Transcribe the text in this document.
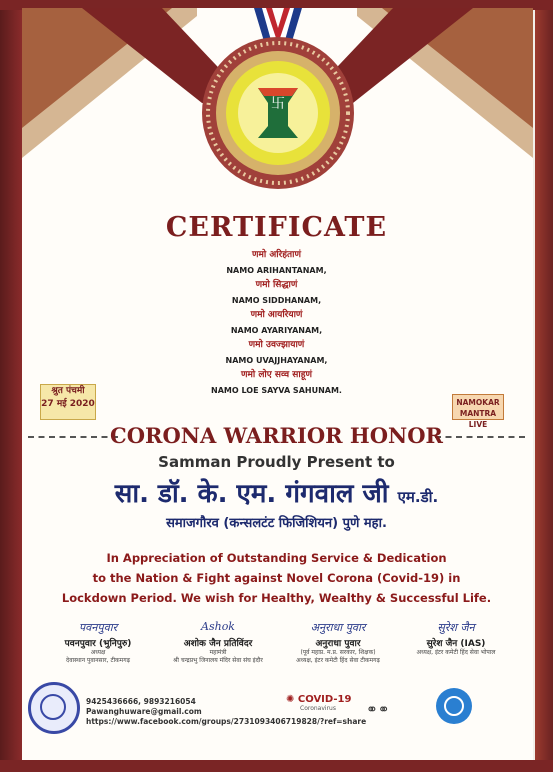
卐
CERTIFICATE
णमो अरिहंताणं
NAMO ARIHANTANAM,
णमो सिद्धाणं
NAMO SIDDHANAM,
णमो आयरियाणं
NAMO AYARIYANAM,
णमो उवज्झायाणं
NAMO UVAJJHAYANAM,
णमो लोए सव्व साहूणं
NAMO LOE SAYVA SAHUNAM.
श्रुत पंचमी
27 मई 2020	NAMOKAR
MANTRA LIVE
CORONA WARRIOR HONOR
Samman Proudly Present to
सा. डॉ. के. एम. गंगवाल जी एम.डी.
समाजगौरव (कन्सलटंट फिजिशियन) पुणे महा.
In Appreciation of Outstanding Service & Dedication
to the Nation & Fight against Novel Corona (Covid-19) in
Lockdown Period. We wish for Healthy, Wealthy & Successful Life.
पवनपुवार
पवनपुवार (भुनिपुरु)
अध्यक्ष
देवास्थान पुवानसार, टीकमगढ़
Ashok
अशोक जैन प्रतिविंदर
महामंत्री
श्री चन्द्रप्रभु जिनालय मंदिर सेवा संघ इंदौर
अनुराधा पुवार
अनुराधा पुवार
(पूर्व महाप्र. म.प्र. सरकार, शिक्षक)
अध्यक्ष, इंटर कमेटी हिंद सेवा टीकमगढ़
सुरेश जैन
सुरेश जैन (IAS)
अध्यक्ष, इंटर कमेटी हिंद सेवा भोपाल
9425436666, 9893216054
Pawanghuware@gmail.com
https://www.facebook.com/groups/2731093406719828/?ref=share
✺ COVID-19
Coronavirus	⚭⚭
